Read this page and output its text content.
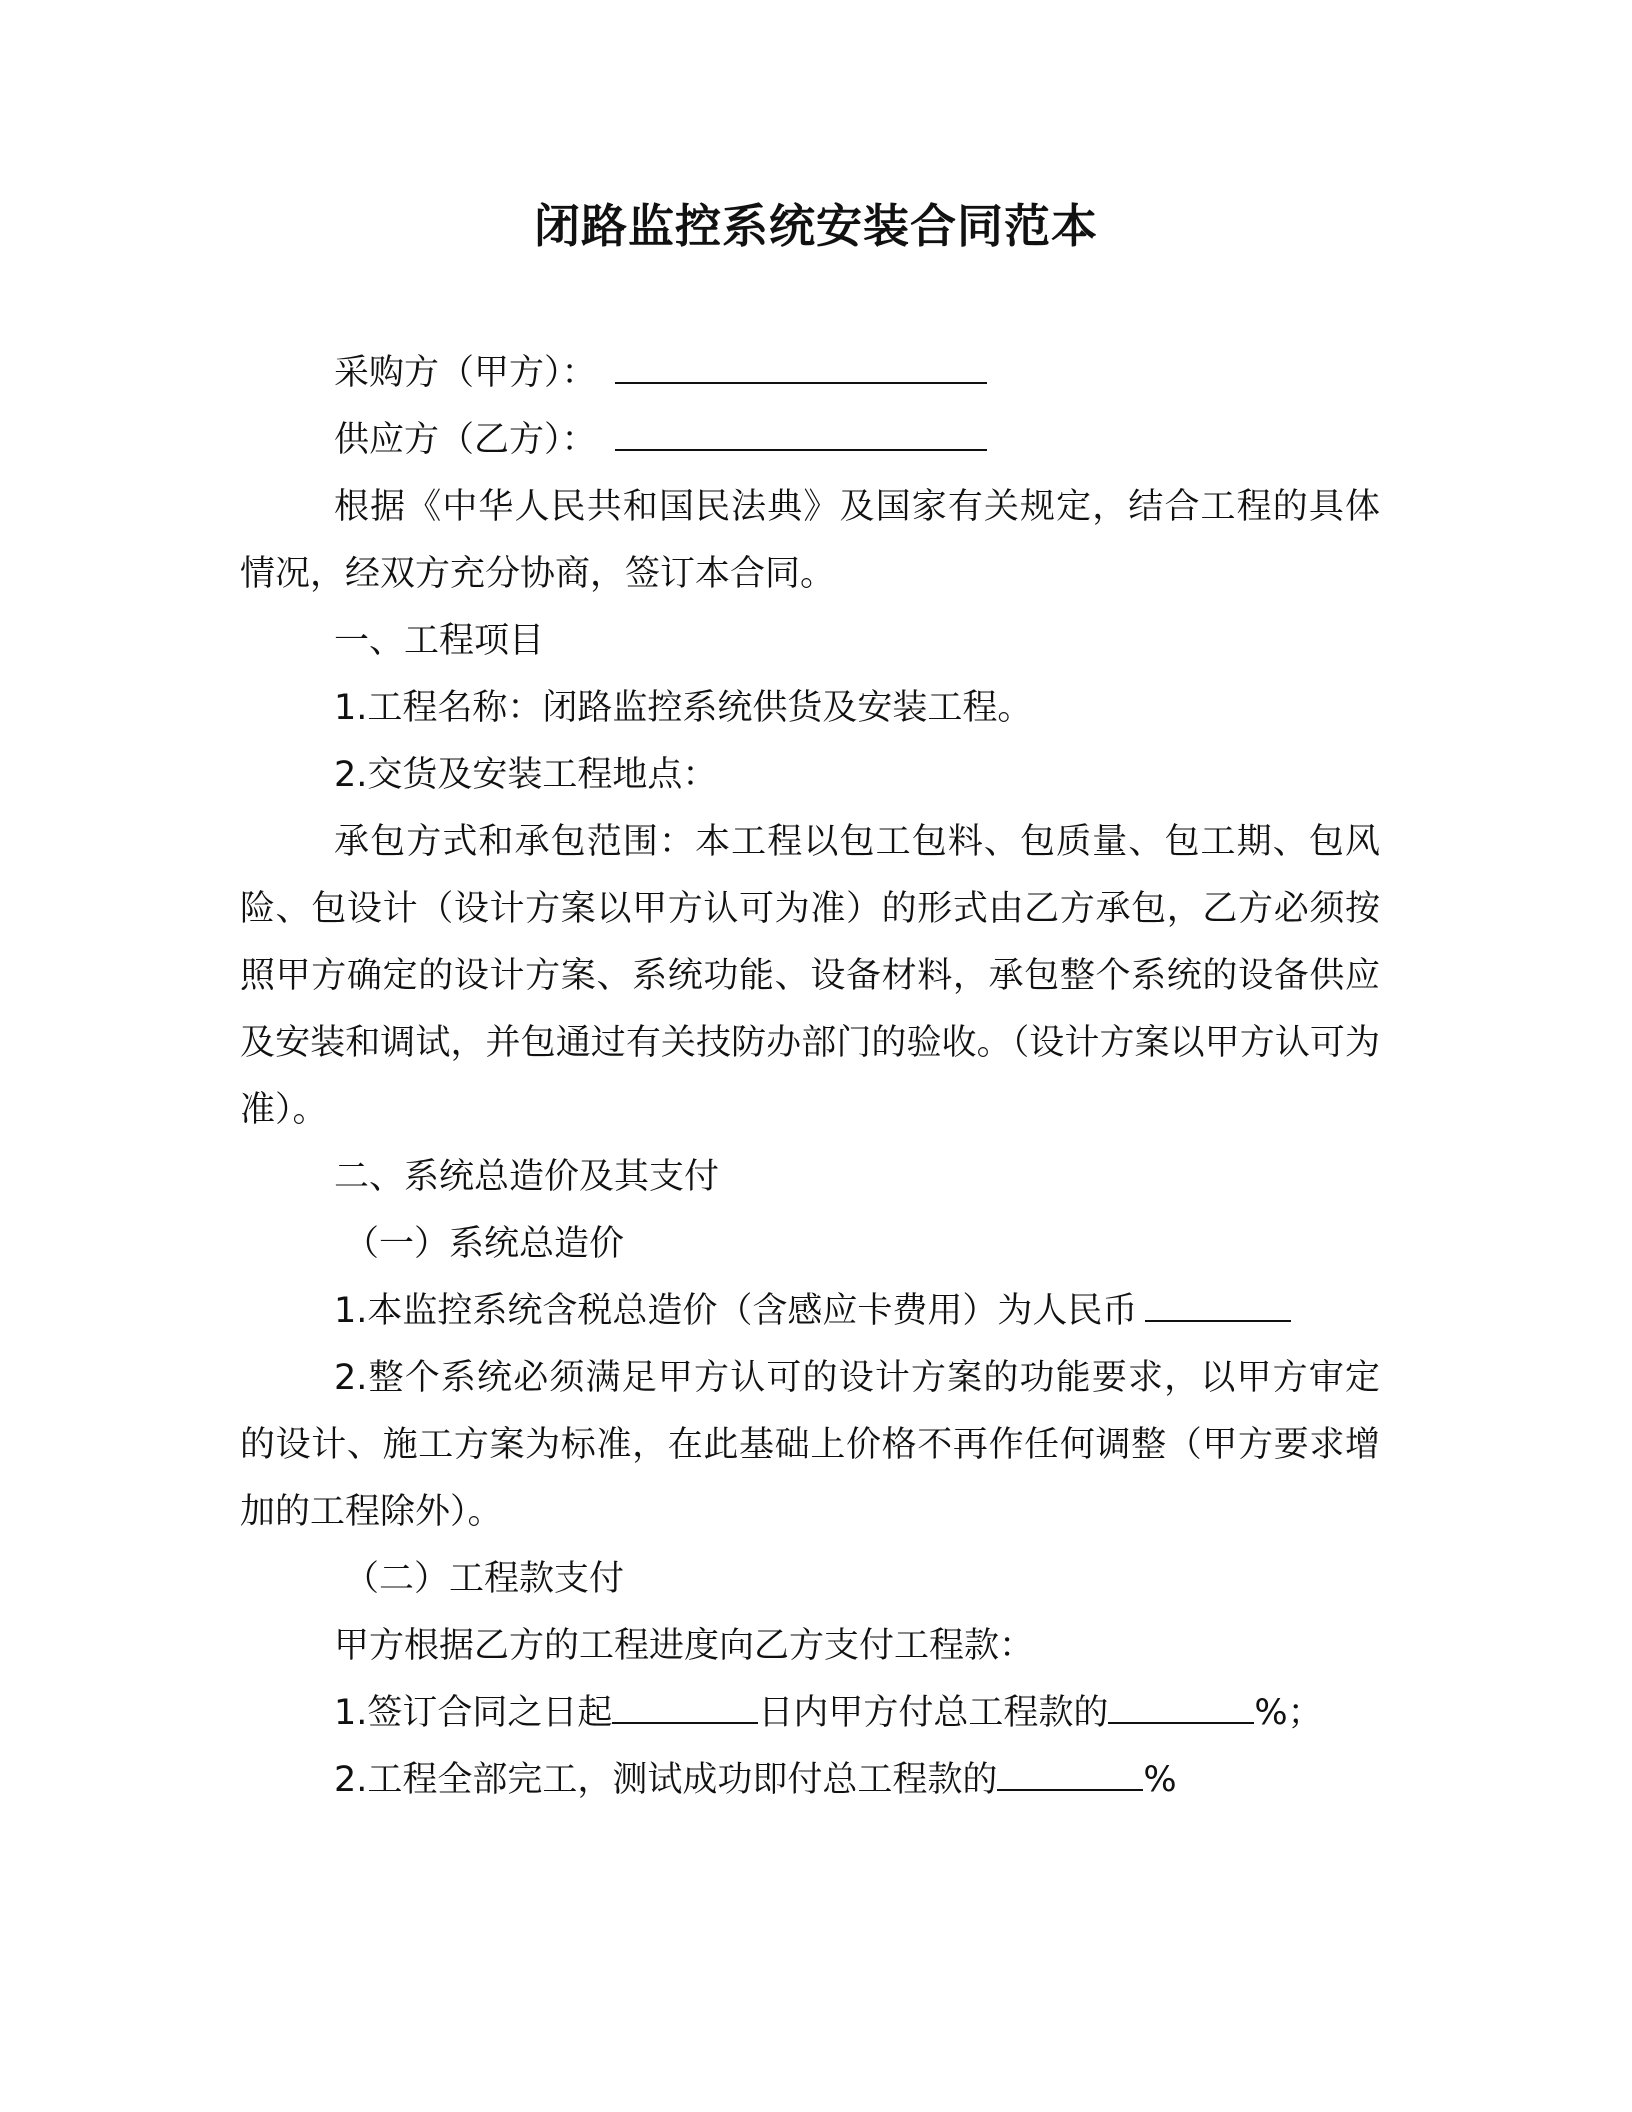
闭路监控系统安装合同范本

采购方（甲方）：

供应方（乙方）：

根据《中华人民共和国民法典》及国家有关规定，结合工程的具体情况，经双方充分协商，签订本合同。

一、工程项目

1.工程名称：闭路监控系统供货及安装工程。

2.交货及安装工程地点：

承包方式和承包范围：本工程以包工包料、包质量、包工期、包风险、包设计（设计方案以甲方认可为准）的形式由乙方承包，乙方必须按照甲方确定的设计方案、系统功能、设备材料，承包整个系统的设备供应及安装和调试，并包通过有关技防办部门的验收。（设计方案以甲方认可为准）。

二、系统总造价及其支付

（一）系统总造价

1.本监控系统含税总造价（含感应卡费用）为人民币

2.整个系统必须满足甲方认可的设计方案的功能要求，以甲方审定的设计、施工方案为标准，在此基础上价格不再作任何调整（甲方要求增加的工程除外）。

（二）工程款支付

甲方根据乙方的工程进度向乙方支付工程款：

1.签订合同之日起	日内甲方付总工程款的	%；

2.工程全部完工，测试成功即付总工程款的	%
